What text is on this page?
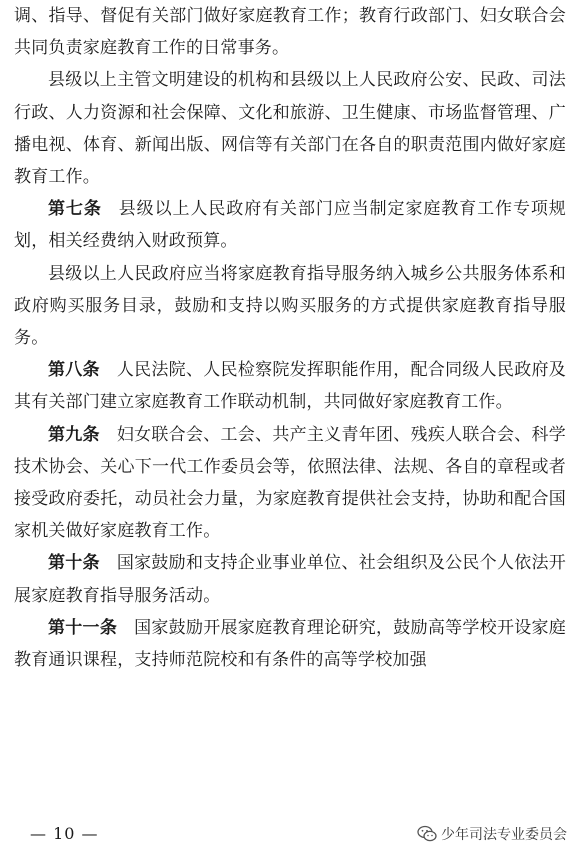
调、指导、督促有关部门做好家庭教育工作；教育行政部门、妇女联合会共同负责家庭教育工作的日常事务。

县级以上主管文明建设的机构和县级以上人民政府公安、民政、司法行政、人力资源和社会保障、文化和旅游、卫生健康、市场监督管理、广播电视、体育、新闻出版、网信等有关部门在各自的职责范围内做好家庭教育工作。

第七条 县级以上人民政府有关部门应当制定家庭教育工作专项规划，相关经费纳入财政预算。

县级以上人民政府应当将家庭教育指导服务纳入城乡公共服务体系和政府购买服务目录，鼓励和支持以购买服务的方式提供家庭教育指导服务。

第八条 人民法院、人民检察院发挥职能作用，配合同级人民政府及其有关部门建立家庭教育工作联动机制，共同做好家庭教育工作。

第九条 妇女联合会、工会、共产主义青年团、残疾人联合会、科学技术协会、关心下一代工作委员会等，依照法律、法规、各自的章程或者接受政府委托，动员社会力量，为家庭教育提供社会支持，协助和配合国家机关做好家庭教育工作。

第十条 国家鼓励和支持企业事业单位、社会组织及公民个人依法开展家庭教育指导服务活动。

第十一条 国家鼓励开展家庭教育理论研究，鼓励高等学校开设家庭教育通识课程，支持师范院校和有条件的高等学校加强

— 10 —	少年司法专业委员会
